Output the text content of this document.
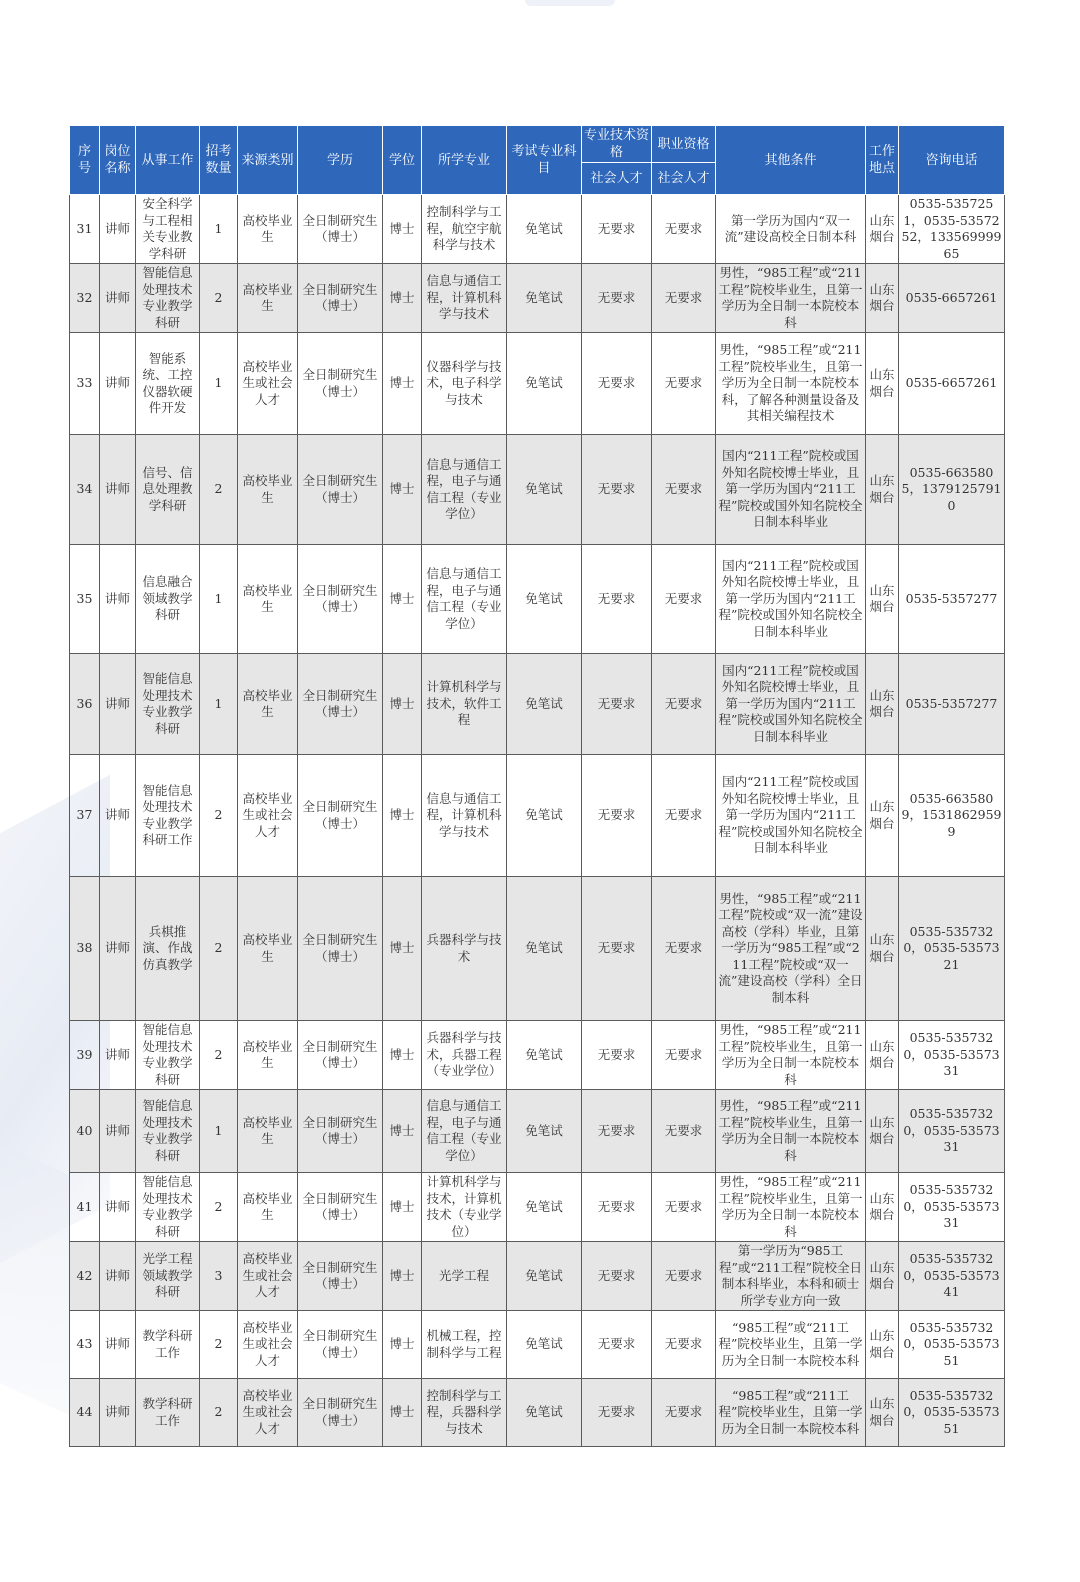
序号	岗位名称	从事工作	招考数量	来源类别	学历	学位	所学专业	考试专业科目	专业技术资格	职业资格	其他条件	工作地点	咨询电话
									社会人才	社会人才			
31	讲师	安全科学与工程相关专业教学科研	1	高校毕业生	全日制研究生（博士）	博士	控制科学与工程，航空宇航科学与技术	免笔试	无要求	无要求	第一学历为国内“双一流”建设高校全日制本科	山东烟台	0535-5357251，0535-5357252，13356999965
32	讲师	智能信息处理技术专业教学科研	2	高校毕业生	全日制研究生（博士）	博士	信息与通信工程，计算机科学与技术	免笔试	无要求	无要求	男性，“985工程”或“211工程”院校毕业生，且第一学历为全日制一本院校本科	山东烟台	0535-6657261
33	讲师	智能系统、工控仪器软硬件开发	1	高校毕业生或社会人才	全日制研究生（博士）	博士	仪器科学与技术，电子科学与技术	免笔试	无要求	无要求	男性，“985工程”或“211工程”院校毕业生，且第一学历为全日制一本院校本科，了解各种测量设备及其相关编程技术	山东烟台	0535-6657261
34	讲师	信号、信息处理教学科研	2	高校毕业生	全日制研究生（博士）	博士	信息与通信工程，电子与通信工程（专业学位）	免笔试	无要求	无要求	国内“211工程”院校或国外知名院校博士毕业，且第一学历为国内“211工程”院校或国外知名院校全日制本科毕业	山东烟台	0535-6635805，13791257910
35	讲师	信息融合领域教学科研	1	高校毕业生	全日制研究生（博士）	博士	信息与通信工程，电子与通信工程（专业学位）	免笔试	无要求	无要求	国内“211工程”院校或国外知名院校博士毕业，且第一学历为国内“211工程”院校或国外知名院校全日制本科毕业	山东烟台	0535-5357277
36	讲师	智能信息处理技术专业教学科研	1	高校毕业生	全日制研究生（博士）	博士	计算机科学与技术，软件工程	免笔试	无要求	无要求	国内“211工程”院校或国外知名院校博士毕业，且第一学历为国内“211工程”院校或国外知名院校全日制本科毕业	山东烟台	0535-5357277
37	讲师	智能信息处理技术专业教学科研工作	2	高校毕业生或社会人才	全日制研究生（博士）	博士	信息与通信工程，计算机科学与技术	免笔试	无要求	无要求	国内“211工程”院校或国外知名院校博士毕业，且第一学历为国内“211工程”院校或国外知名院校全日制本科毕业	山东烟台	0535-6635809，15318629599
38	讲师	兵棋推演、作战仿真教学	2	高校毕业生	全日制研究生（博士）	博士	兵器科学与技术	免笔试	无要求	无要求	男性，“985工程”或“211工程”院校或“双一流”建设高校（学科）毕业，且第一学历为“985工程”或“211工程”院校或“双一流”建设高校（学科）全日制本科	山东烟台	0535-5357320，0535-5357321
39	讲师	智能信息处理技术专业教学科研	2	高校毕业生	全日制研究生（博士）	博士	兵器科学与技术，兵器工程（专业学位）	免笔试	无要求	无要求	男性，“985工程”或“211工程”院校毕业生，且第一学历为全日制一本院校本科	山东烟台	0535-5357320，0535-5357331
40	讲师	智能信息处理技术专业教学科研	1	高校毕业生	全日制研究生（博士）	博士	信息与通信工程，电子与通信工程（专业学位）	免笔试	无要求	无要求	男性，“985工程”或“211工程”院校毕业生，且第一学历为全日制一本院校本科	山东烟台	0535-5357320，0535-5357331
41	讲师	智能信息处理技术专业教学科研	2	高校毕业生	全日制研究生（博士）	博士	计算机科学与技术，计算机技术（专业学位）	免笔试	无要求	无要求	男性，“985工程”或“211工程”院校毕业生，且第一学历为全日制一本院校本科	山东烟台	0535-5357320，0535-5357331
42	讲师	光学工程领域教学科研	3	高校毕业生或社会人才	全日制研究生（博士）	博士	光学工程	免笔试	无要求	无要求	第一学历为“985工程”或“211工程”院校全日制本科毕业，本科和硕士所学专业方向一致	山东烟台	0535-5357320，0535-5357341
43	讲师	教学科研工作	2	高校毕业生或社会人才	全日制研究生（博士）	博士	机械工程，控制科学与工程	免笔试	无要求	无要求	“985工程”或“211工程”院校毕业生，且第一学历为全日制一本院校本科	山东烟台	0535-5357320，0535-5357351
44	讲师	教学科研工作	2	高校毕业生或社会人才	全日制研究生（博士）	博士	控制科学与工程，兵器科学与技术	免笔试	无要求	无要求	“985工程”或“211工程”院校毕业生，且第一学历为全日制一本院校本科	山东烟台	0535-5357320，0535-5357351
